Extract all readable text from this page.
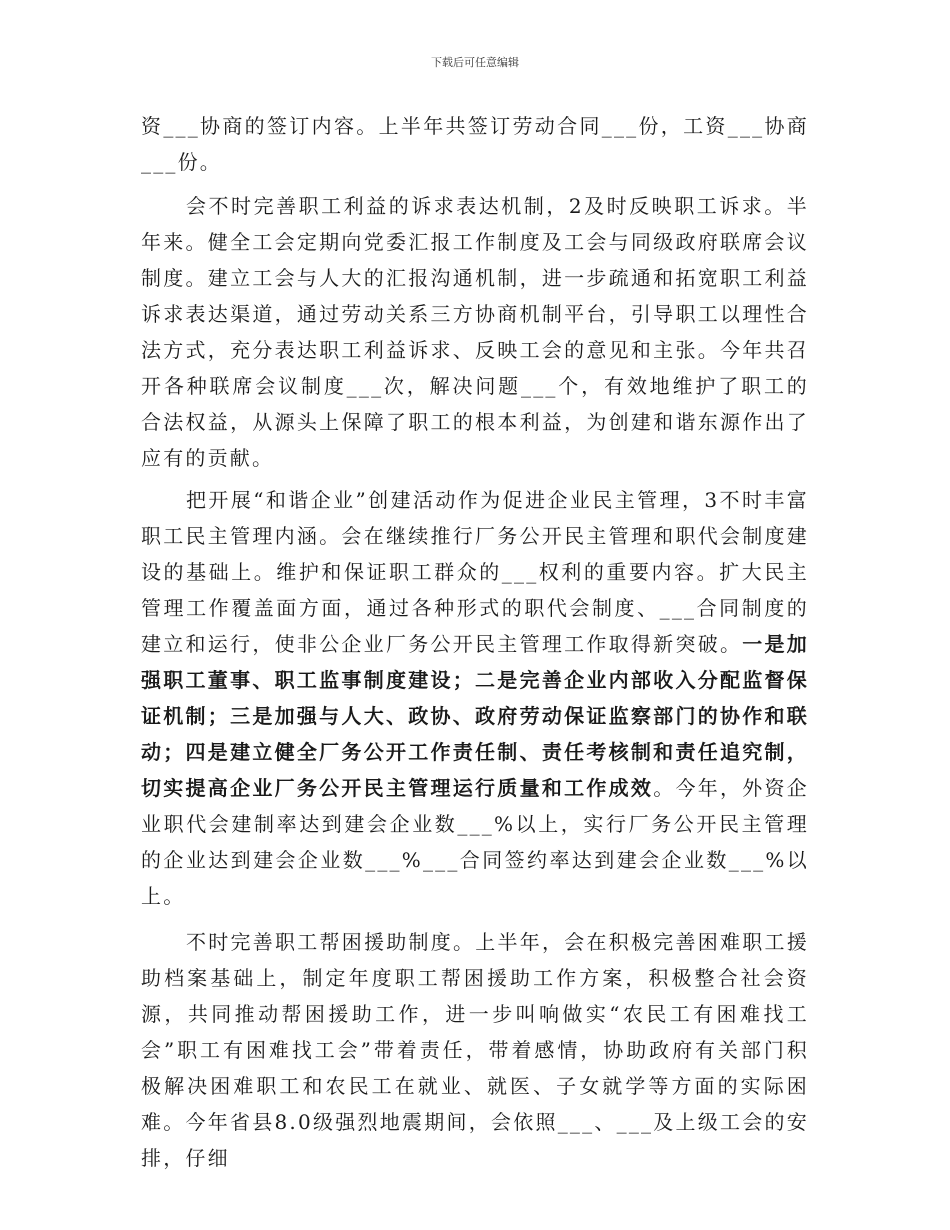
下载后可任意编辑

资___协商的签订内容。上半年共签订劳动合同___份，工资___协商___份。

会不时完善职工利益的诉求表达机制，2及时反映职工诉求。半年来。健全工会定期向党委汇报工作制度及工会与同级政府联席会议制度。建立工会与人大的汇报沟通机制，进一步疏通和拓宽职工利益诉求表达渠道，通过劳动关系三方协商机制平台，引导职工以理性合法方式，充分表达职工利益诉求、反映工会的意见和主张。今年共召开各种联席会议制度___次，解决问题___个，有效地维护了职工的合法权益，从源头上保障了职工的根本利益，为创建和谐东源作出了应有的贡献。

把开展“和谐企业”创建活动作为促进企业民主管理，3不时丰富职工民主管理内涵。会在继续推行厂务公开民主管理和职代会制度建设的基础上。维护和保证职工群众的___权利的重要内容。扩大民主管理工作覆盖面方面，通过各种形式的职代会制度、___合同制度的建立和运行，使非公企业厂务公开民主管理工作取得新突破。一是加强职工董事、职工监事制度建设；二是完善企业内部收入分配监督保证机制；三是加强与人大、政协、政府劳动保证监察部门的协作和联动；四是建立健全厂务公开工作责任制、责任考核制和责任追究制，切实提高企业厂务公开民主管理运行质量和工作成效。今年，外资企业职代会建制率达到建会企业数___%以上，实行厂务公开民主管理的企业达到建会企业数___%___合同签约率达到建会企业数___%以上。

不时完善职工帮困援助制度。上半年，会在积极完善困难职工援助档案基础上，制定年度职工帮困援助工作方案，积极整合社会资源，共同推动帮困援助工作，进一步叫响做实“农民工有困难找工会”职工有困难找工会”带着责任，带着感情，协助政府有关部门积极解决困难职工和农民工在就业、就医、子女就学等方面的实际困难。今年省县8.0级强烈地震期间，会依照___、___及上级工会的安排，仔细
